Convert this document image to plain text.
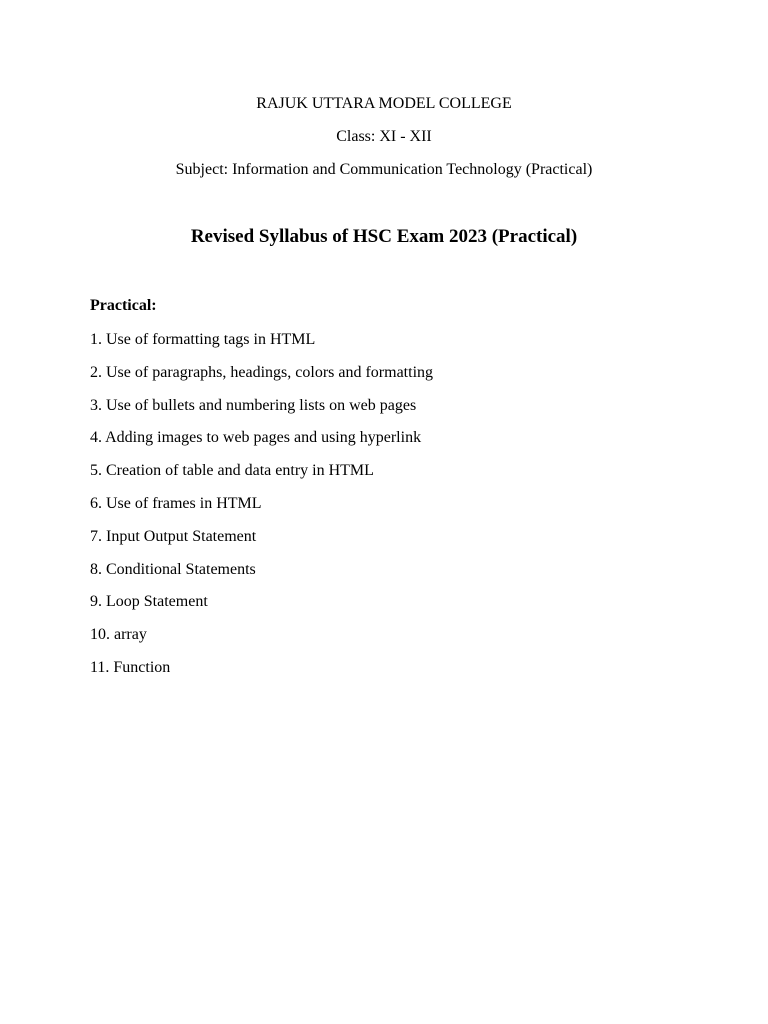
RAJUK UTTARA MODEL COLLEGE
Class: XI - XII
Subject: Information and Communication Technology (Practical)
Revised Syllabus of HSC Exam 2023 (Practical)
Practical:
1. Use of formatting tags in HTML
2. Use of paragraphs, headings, colors and formatting
3. Use of bullets and numbering lists on web pages
4. Adding images to web pages and using hyperlink
5. Creation of table and data entry in HTML
6. Use of frames in HTML
7. Input Output Statement
8. Conditional Statements
9. Loop Statement
10. array
11. Function
